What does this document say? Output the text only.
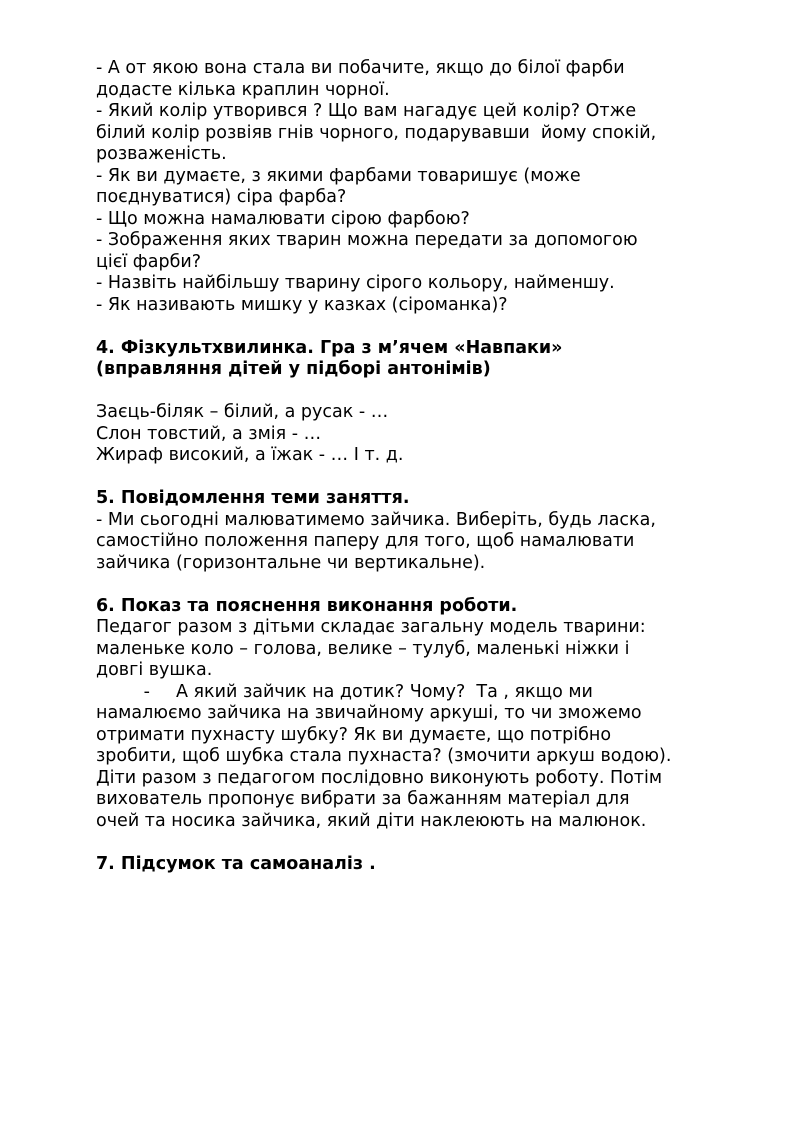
- А от якою вона стала ви побачите, якщо до білої фарби
додасте кілька краплин чорної.
- Який колір утворився ? Що вам нагадує цей колір? Отже
білий колір розвіяв гнів чорного, подарувавши  йому спокій,
розваженість.
- Як ви думаєте, з якими фарбами товаришує (може
поєднуватися) сіра фарба?
- Що можна намалювати сірою фарбою?
- Зображення яких тварин можна передати за допомогою
цієї фарби?
- Назвіть найбільшу тварину сірого кольору, найменшу.
- Як називають мишку у казках (сіроманка)?
4. Фізкультхвилинка. Гра з м’ячем «Навпаки»
(вправляння дітей у підборі антонімів)
Заєць-біляк – білий, а русак - …
Слон товстий, а змія - …
Жираф високий, а їжак - … І т. д.
5. Повідомлення теми заняття.
- Ми сьогодні малюватимемо зайчика. Виберіть, будь ласка,
самостійно положення паперу для того, щоб намалювати
зайчика (горизонтальне чи вертикальне).
6. Показ та пояснення виконання роботи.
Педагог разом з дітьми складає загальну модель тварини:
маленьке коло – голова, велике – тулуб, маленькі ніжки і
довгі вушка.
- А який зайчик на дотик? Чому?  Та , якщо ми
намалюємо зайчика на звичайному аркуші, то чи зможемо
отримати пухнасту шубку? Як ви думаєте, що потрібно
зробити, щоб шубка стала пухнаста? (змочити аркуш водою).
Діти разом з педагогом послідовно виконують роботу. Потім
вихователь пропонує вибрати за бажанням матеріал для
очей та носика зайчика, який діти наклеюють на малюнок.
7. Підсумок та самоаналіз .
